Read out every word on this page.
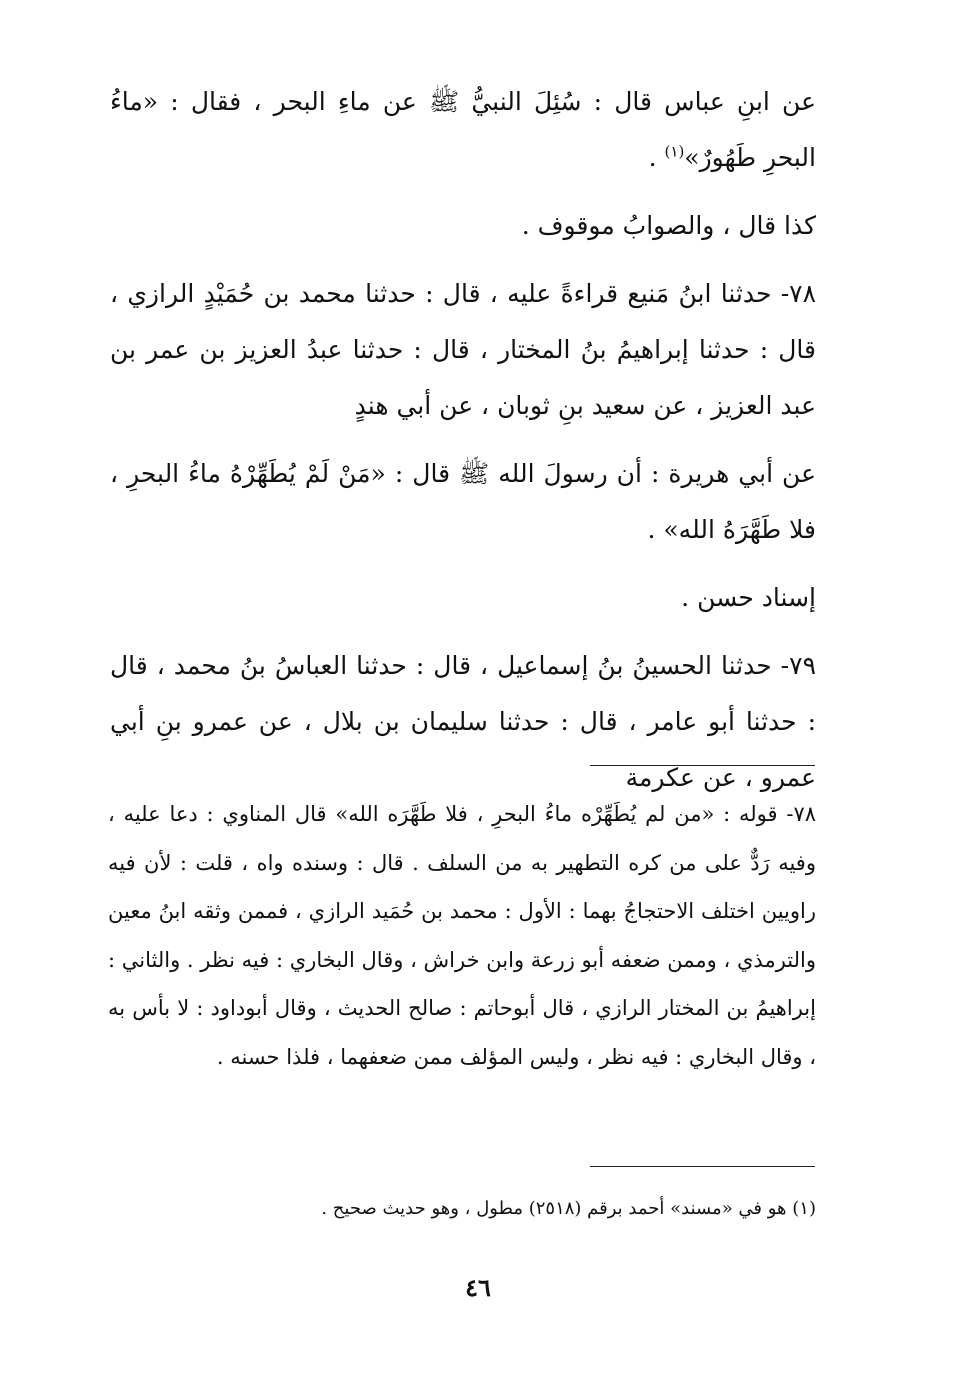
عن ابنِ عباس قال : سُئِلَ النبيُّ ﷺ عن ماءِ البحر ، فقال : «ماءُ البحرِ طَهُورٌ»$^{(١)}$ .

كذا قال ، والصوابُ موقوف .

٧٨- حدثنا ابنُ مَنيع قراءةً عليه ، قال : حدثنا محمد بن حُمَيْدٍ الرازي ، قال : حدثنا إبراهيمُ بنُ المختار ، قال : حدثنا عبدُ العزيز بن عمر بن عبد العزيز ، عن سعيد بنِ ثوبان ، عن أبي هندٍ

عن أبي هريرة : أن رسولَ الله ﷺ قال : «مَنْ لَمْ يُطَهِّرْهُ ماءُ البحرِ ، فلا طَهَّرَهُ الله» .

إسناد حسن .

٧٩- حدثنا الحسينُ بنُ إسماعيل ، قال : حدثنا العباسُ بنُ محمد ، قال : حدثنا أبو عامر ، قال : حدثنا سليمان بن بلال ، عن عمرو بنِ أبي عمرو ، عن عكرمة

٧٨- قوله : «من لم يُطَهِّرْه ماءُ البحرِ ، فلا طَهَّرَه الله» قال المناوي : دعا عليه ، وفيه رَدٌّ على من كره التطهير به من السلف . قال : وسنده واه ، قلت : لأن فيه راويين اختلف الاحتجاجُ بهما : الأول : محمد بن حُمَيد الرازي ، فممن وثقه ابنُ معين والترمذي ، وممن ضعفه أبو زرعة وابن خراش ، وقال البخاري : فيه نظر . والثاني : إبراهيمُ بن المختار الرازي ، قال أبوحاتم : صالح الحديث ، وقال أبوداود : لا بأس به ، وقال البخاري : فيه نظر ، وليس المؤلف ممن ضعفهما ، فلذا حسنه .

(١) هو في «مسند» أحمد برقم (٢٥١٨) مطول ، وهو حديث صحيح .
٤٦
